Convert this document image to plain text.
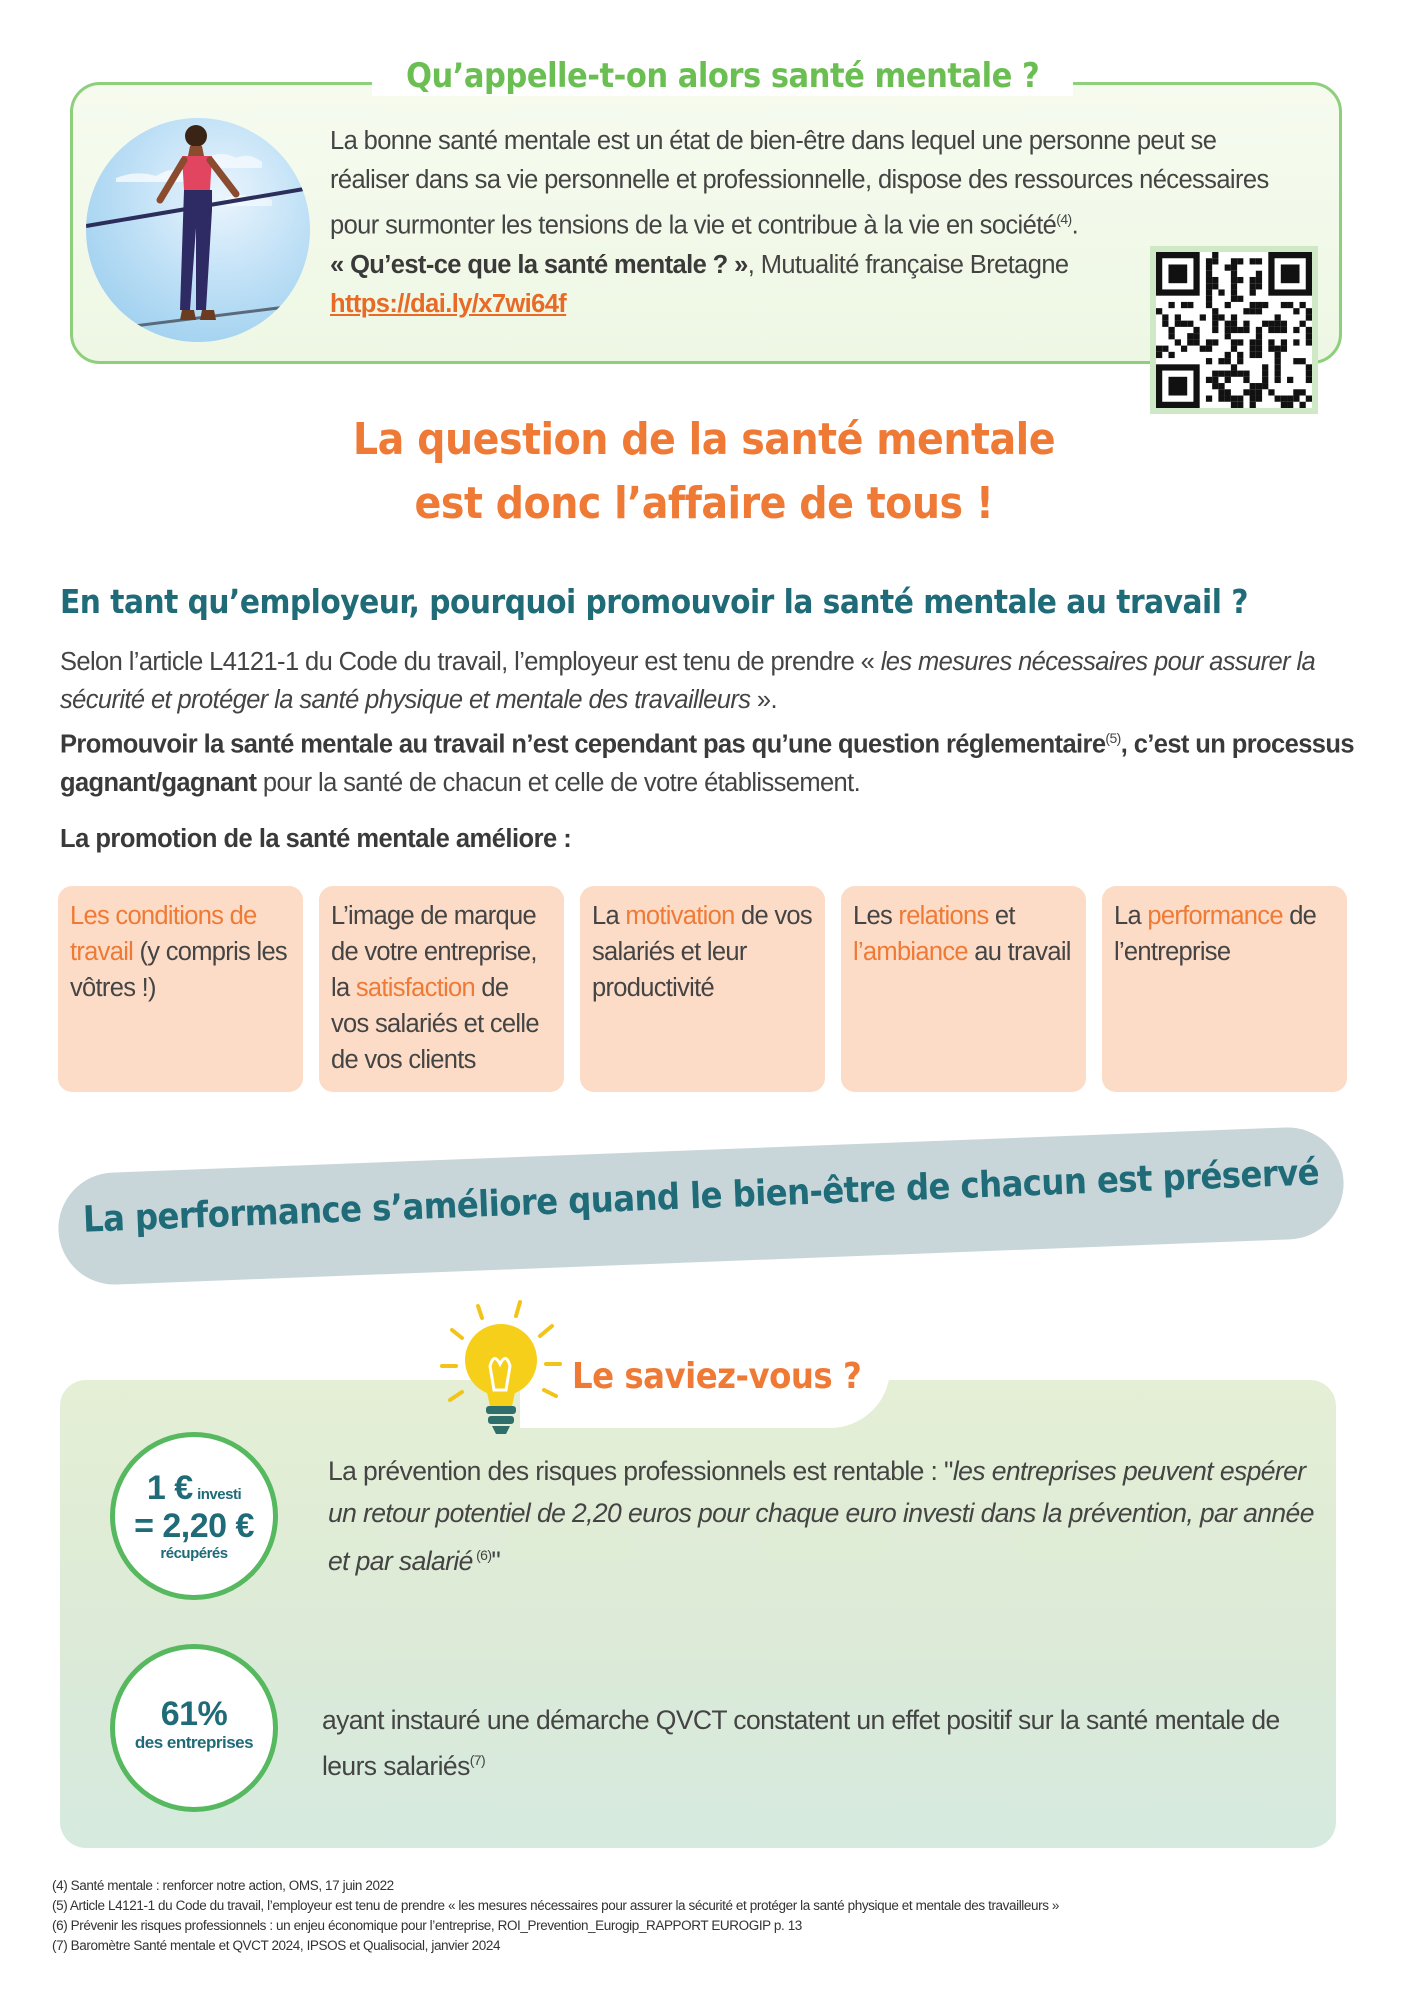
Qu’appelle-t-on alors santé mentale ?
La bonne santé mentale est un état de bien-être dans lequel une personne peut se réaliser dans sa vie personnelle et professionnelle, dispose des ressources nécessaires pour surmonter les tensions de la vie et contribue à la vie en société$^{(4)}$.
« Qu’est-ce que la santé mentale ? », Mutualité française Bretagne
https://dai.ly/x7wi64f
La question de la santé mentale
est donc l’affaire de tous !
En tant qu’employeur, pourquoi promouvoir la santé mentale au travail ?
Selon l’article L4121-1 du Code du travail, l’employeur est tenu de prendre « les mesures nécessaires pour assurer la sécurité et protéger la santé physique et mentale des travailleurs ».
Promouvoir la santé mentale au travail n’est cependant pas qu’une question réglementaire$^{(5)}$, c’est un processus gagnant/gagnant pour la santé de chacun et celle de votre établissement.
La promotion de la santé mentale améliore :
Les conditions de travail (y compris les vôtres !)
L’image de marque de votre entreprise, la satisfaction de vos salariés et celle de vos clients
La motivation de vos salariés et leur productivité
Les relations et l’ambiance au travail
La performance de l’entreprise
La performance s’améliore quand le bien-être de chacun est préservé
Le saviez-vous ?
1 € investi
= 2,20 €
récupérés
La prévention des risques professionnels est rentable : "les entreprises peuvent espérer un retour potentiel de 2,20 euros pour chaque euro investi dans la prévention, par année et par salarié $^{(6)}$"
61%
des entreprises
ayant instauré une démarche QVCT constatent un effet positif sur la santé mentale de leurs salariés$^{(7)}$
(4) Santé mentale : renforcer notre action, OMS, 17 juin 2022
(5) Article L4121-1 du Code du travail, l’employeur est tenu de prendre « les mesures nécessaires pour assurer la sécurité et protéger la santé physique et mentale des travailleurs »
(6) Prévenir les risques professionnels : un enjeu économique pour l’entreprise, ROI_Prevention_Eurogip_RAPPORT EUROGIP p. 13
(7) Baromètre Santé mentale et QVCT 2024, IPSOS et Qualisocial, janvier 2024
